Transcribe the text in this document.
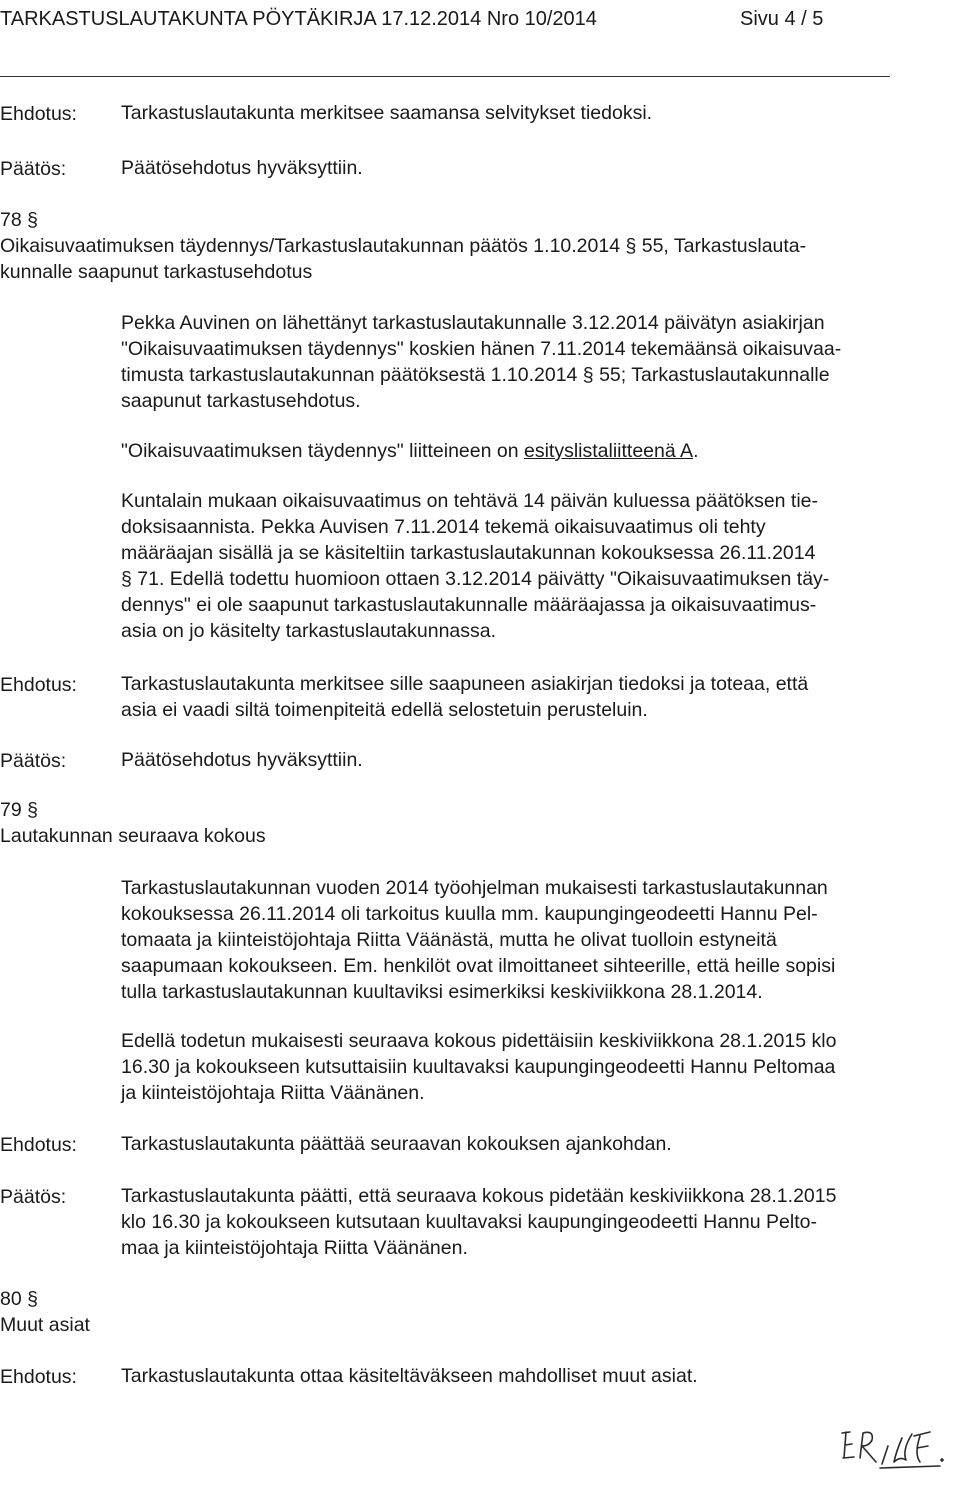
TARKASTUSLAUTAKUNTA PÖYTÄKIRJA 17.12.2014 Nro 10/2014	Sivu 4 / 5
Ehdotus: Tarkastuslautakunta merkitsee saamansa selvitykset tiedoksi.
Päätös:	Päätösehdotus hyväksyttiin.

78 §

Oikaisuvaatimuksen täydennys/Tarkastuslautakunnan päätös 1.10.2014 § 55, Tarkastuslauta-

kunnalle saapunut tarkastusehdotus

Pekka Auvinen on lähettänyt tarkastuslautakunnalle 3.12.2014 päivätyn asiakirjan

"Oikaisuvaatimuksen täydennys" koskien hänen 7.11.2014 tekemäänsä oikaisuvaa-

timusta tarkastuslautakunnan päätöksestä 1.10.2014 § 55; Tarkastuslautakunnalle

saapunut tarkastusehdotus.

"Oikaisuvaatimuksen täydennys" liitteineen on esityslistaliitteenä A.

Kuntalain mukaan oikaisuvaatimus on tehtävä 14 päivän kuluessa päätöksen tie-

doksisaannista. Pekka Auvisen 7.11.2014 tekemä oikaisuvaatimus oli tehty

määräajan sisällä ja se käsiteltiin tarkastuslautakunnan kokouksessa 26.11.2014

§ 71. Edellä todettu huomioon ottaen 3.12.2014 päivätty "Oikaisuvaatimuksen täy-

dennys" ei ole saapunut tarkastuslautakunnalle määräajassa ja oikaisuvaatimus-

asia on jo käsitelty tarkastuslautakunnassa.

Ehdotus: Tarkastuslautakunta merkitsee sille saapuneen asiakirjan tiedoksi ja toteaa, että

asia ei vaadi siltä toimenpiteitä edellä selostetuin perusteluin.

Päätös:	Päätösehdotus hyväksyttiin.

79 §

Lautakunnan seuraava kokous

Tarkastuslautakunnan vuoden 2014 työohjelman mukaisesti tarkastuslautakunnan

kokouksessa 26.11.2014 oli tarkoitus kuulla mm. kaupungingeodeetti Hannu Pel-

tomaata ja kiinteistöjohtaja Riitta Väänästä, mutta he olivat tuolloin estyneitä

saapumaan kokoukseen. Em. henkilöt ovat ilmoittaneet sihteerille, että heille sopisi

tulla tarkastuslautakunnan kuultaviksi esimerkiksi keskiviikkona 28.1.2014.

Edellä todetun mukaisesti seuraava kokous pidettäisiin keskiviikkona 28.1.2015 klo

16.30 ja kokoukseen kutsuttaisiin kuultavaksi kaupungingeodeetti Hannu Peltomaa

ja kiinteistöjohtaja Riitta Väänänen.

Ehdotus: Tarkastuslautakunta päättää seuraavan kokouksen ajankohdan.
Päätös:	Tarkastuslautakunta päätti, että seuraava kokous pidetään keskiviikkona 28.1.2015

klo 16.30 ja kokoukseen kutsutaan kuultavaksi kaupungingeodeetti Hannu Pelto-

maa ja kiinteistöjohtaja Riitta Väänänen.

80 §

Muut asiat

Ehdotus: Tarkastuslautakunta ottaa käsiteltäväkseen mahdolliset muut asiat.
